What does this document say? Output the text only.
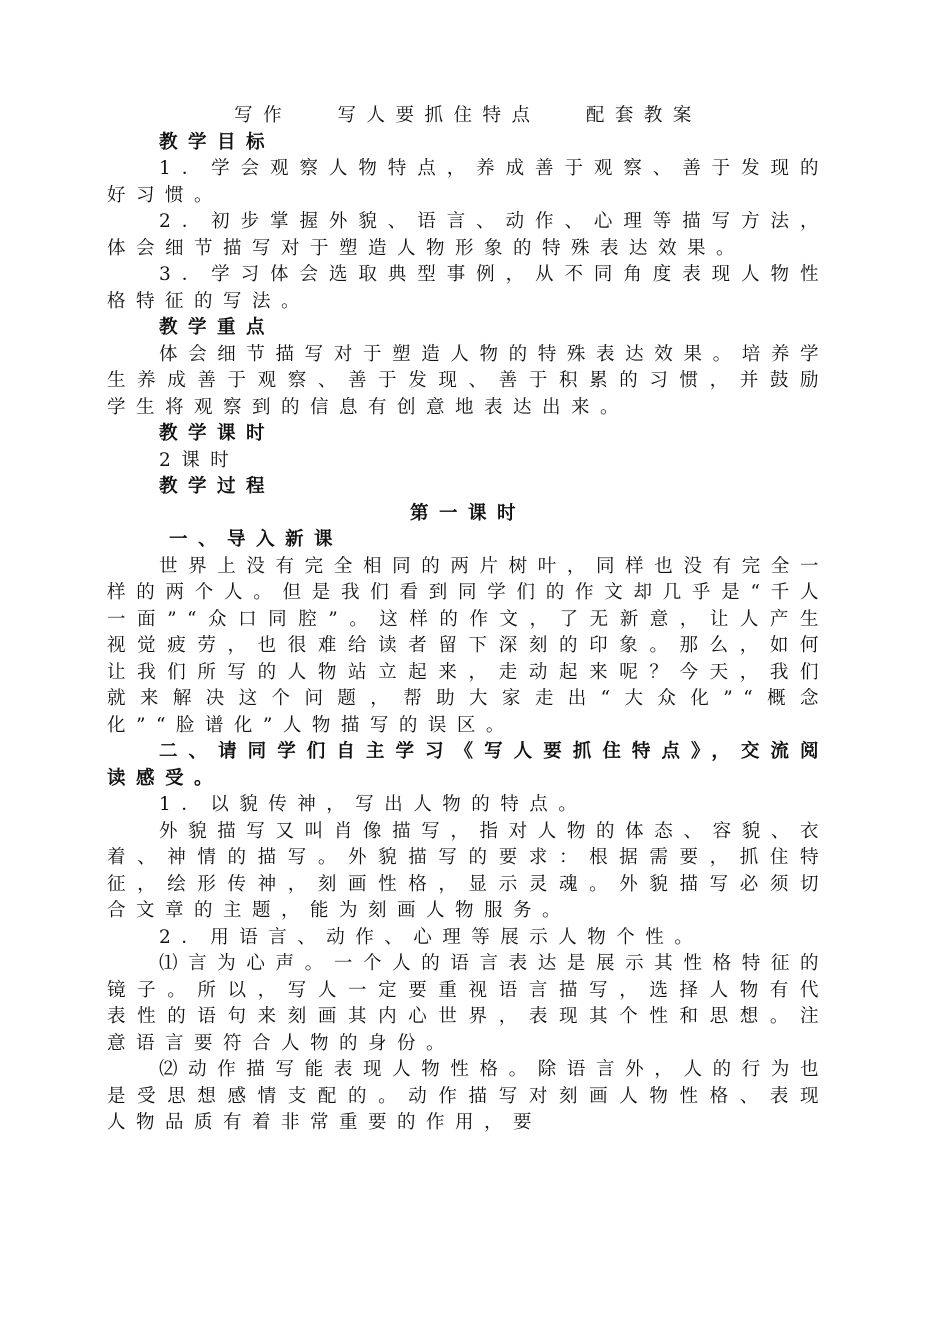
写作　 写人要抓住特点　 配套教案

教学目标

1．学会观察人物特点，养成善于观察、善于发现的好习惯。

2．初步掌握外貌、语言、动作、心理等描写方法，体会细节描写对于塑造人物形象的特殊表达效果。

3．学习体会选取典型事例，从不同角度表现人物性格特征的写法。

教学重点

体会细节描写对于塑造人物的特殊表达效果。培养学生养成善于观察、善于发现、善于积累的习惯，并鼓励学生将观察到的信息有创意地表达出来。

教学课时

2课时

教学过程

第一课时

一、导入新课

世界上没有完全相同的两片树叶，同样也没有完全一样的两个人。但是我们看到同学们的作文却几乎是“千人一面”“众口同腔”。这样的作文，了无新意，让人产生视觉疲劳，也很难给读者留下深刻的印象。那么，如何让我们所写的人物站立起来，走动起来呢？今天，我们就来解决这个问题，帮助大家走出“大众化”“概念化”“脸谱化”人物描写的误区。

二、请同学们自主学习《写人要抓住特点》，交流阅读感受。

1．以貌传神，写出人物的特点。

外貌描写又叫肖像描写，指对人物的体态、容貌、衣着、神情的描写。外貌描写的要求：根据需要，抓住特征，绘形传神，刻画性格，显示灵魂。外貌描写必须切合文章的主题，能为刻画人物服务。

2．用语言、动作、心理等展示人物个性。

⑴言为心声。一个人的语言表达是展示其性格特征的镜子。所以，写人一定要重视语言描写，选择人物有代表性的语句来刻画其内心世界，表现其个性和思想。注意语言要符合人物的身份。

⑵动作描写能表现人物性格。除语言外，人的行为也是受思想感情支配的。动作描写对刻画人物性格、表现人物品质有着非常重要的作用，要
